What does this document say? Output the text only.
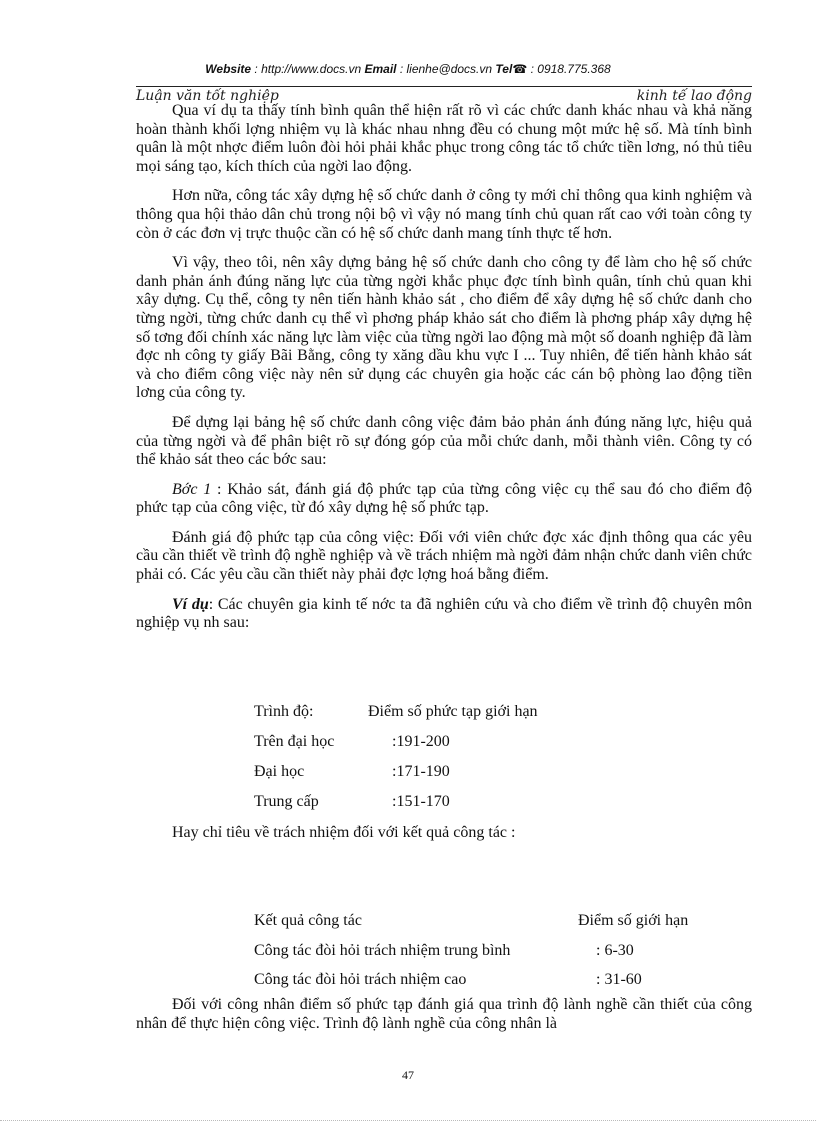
Website : http://www.docs.vn Email : lienhe@docs.vn Tel☎ : 0918.775.368
Luận văn tốt nghiệp	kinh tế lao động

Qua ví dụ ta thấy tính bình quân thể hiện rất rõ vì các chức danh khác nhau và khả năng hoàn thành khối lợng nhiệm vụ là khác nhau nhng đều có chung một mức hệ số. Mà tính bình quân là một nhợc điểm luôn đòi hỏi phải khắc phục trong công tác tổ chức tiền lơng, nó thủ tiêu mọi sáng tạo, kích thích của ngời lao động.

Hơn nữa, công tác xây dựng hệ số chức danh ở công ty mới chỉ thông qua kinh nghiệm và thông qua hội thảo dân chủ trong nội bộ vì vậy nó mang tính chủ quan rất cao với toàn công ty còn ở các đơn vị trực thuộc cần có hệ số chức danh mang tính thực tế hơn.

Vì vậy, theo tôi, nên xây dựng bảng hệ số chức danh cho công ty để làm cho hệ số chức danh phản ánh đúng năng lực của từng ngời khắc phục đợc tính bình quân, tính chủ quan khi xây dựng. Cụ thể, công ty nên tiến hành khảo sát , cho điểm để xây dựng hệ số chức danh cho từng ngời, từng chức danh cụ thể vì phơng pháp khảo sát cho điểm là phơng pháp xây dựng hệ số tơng đối chính xác năng lực làm việc của từng ngời lao động mà một số doanh nghiệp đã làm đợc nh công ty giấy Bãi Bằng, công ty xăng dầu khu vực I ... Tuy nhiên, để tiến hành khảo sát và cho điểm công việc này nên sử dụng các chuyên gia hoặc các cán bộ phòng lao động tiền lơng của công ty.

Để dựng lại bảng hệ số chức danh công việc đảm bảo phản ánh đúng năng lực, hiệu quả của từng ngời và để phân biệt rõ sự đóng góp của mỗi chức danh, mỗi thành viên. Công ty có thể khảo sát theo các bớc sau:

Bớc 1 : Khảo sát, đánh giá độ phức tạp của từng công việc cụ thể sau đó cho điểm độ phức tạp của công việc, từ đó xây dựng hệ số phức tạp.

Đánh giá độ phức tạp của công việc: Đối với viên chức đợc xác định thông qua các yêu cầu cần thiết về trình độ nghề nghiệp và về trách nhiệm mà ngời đảm nhận chức danh viên chức phải có. Các yêu cầu cần thiết này phải đợc lợng hoá bằng điểm.

Ví dụ: Các chuyên gia kinh tế nớc ta đã nghiên cứu và cho điểm về trình độ chuyên môn nghiệp vụ nh sau:

Trình độ:	Điểm số phức tạp giới hạn
Trên đại học	:191-200
Đại học	:171-190
Trung cấp	:151-170
Hay chỉ tiêu về trách nhiệm đối với kết quả công tác :
Kết quả công tác	Điểm số giới hạn
Công tác đòi hỏi trách nhiệm trung bình	: 6-30
Công tác đòi hỏi trách nhiệm cao	: 31-60

Đối với công nhân điểm số phức tạp đánh giá qua trình độ lành nghề cần thiết của công nhân để thực hiện công việc. Trình độ lành nghề của công nhân là

47
